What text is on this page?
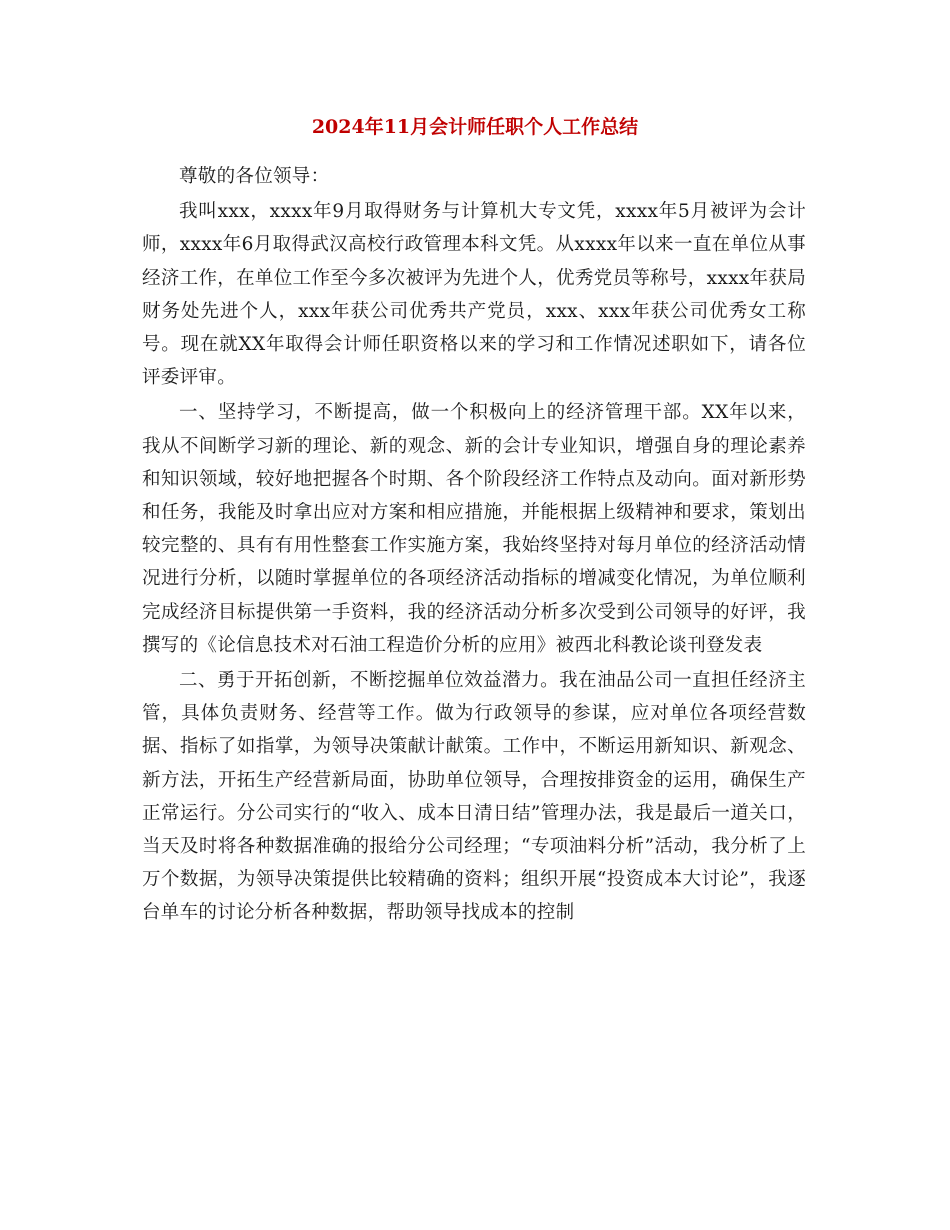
2024年11月会计师任职个人工作总结

尊敬的各位领导：

我叫xxx，xxxx年9月取得财务与计算机大专文凭，xxxx年5月被评为会计师，xxxx年6月取得武汉高校行政管理本科文凭。从xxxx年以来一直在单位从事经济工作，在单位工作至今多次被评为先进个人，优秀党员等称号，xxxx年获局财务处先进个人，xxx年获公司优秀共产党员，xxx、xxx年获公司优秀女工称号。现在就XX年取得会计师任职资格以来的学习和工作情况述职如下，请各位评委评审。

一、坚持学习，不断提高，做一个积极向上的经济管理干部。XX年以来，我从不间断学习新的理论、新的观念、新的会计专业知识，增强自身的理论素养和知识领域，较好地把握各个时期、各个阶段经济工作特点及动向。面对新形势和任务，我能及时拿出应对方案和相应措施，并能根据上级精神和要求，策划出较完整的、具有有用性整套工作实施方案，我始终坚持对每月单位的经济活动情况进行分析，以随时掌握单位的各项经济活动指标的增减变化情况，为单位顺利完成经济目标提供第一手资料，我的经济活动分析多次受到公司领导的好评，我撰写的《论信息技术对石油工程造价分析的应用》被西北科教论谈刊登发表

二、勇于开拓创新，不断挖掘单位效益潜力。我在油品公司一直担任经济主管，具体负责财务、经营等工作。做为行政领导的参谋，应对单位各项经营数据、指标了如指掌，为领导决策献计献策。工作中，不断运用新知识、新观念、新方法，开拓生产经营新局面，协助单位领导，合理按排资金的运用，确保生产正常运行。分公司实行的“收入、成本日清日结”管理办法，我是最后一道关口，当天及时将各种数据准确的报给分公司经理；“专项油料分析”活动，我分析了上万个数据，为领导决策提供比较精确的资料；组织开展“投资成本大讨论”，我逐台单车的讨论分析各种数据，帮助领导找成本的控制
